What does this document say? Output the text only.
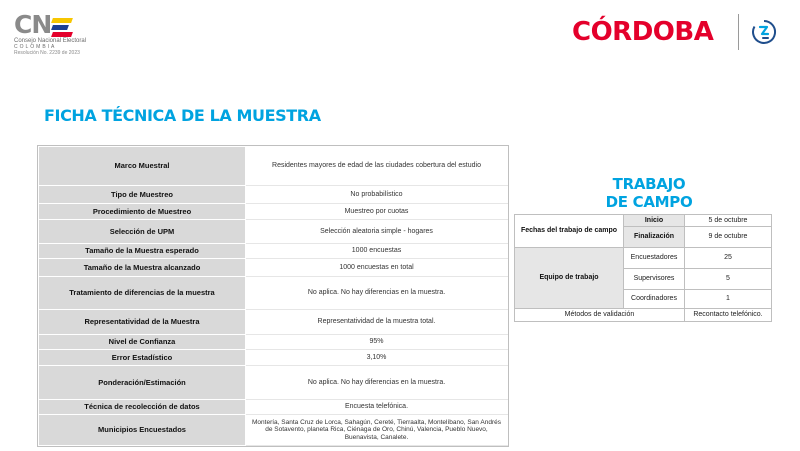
CN
Consejo Nacional Electoral
COLOMBIA
Resolución No. 2239 de 2023
CÓRDOBA
FICHA TÉCNICA DE LA MUESTRA
Marco Muestral	Residentes mayores de edad de las ciudades cobertura del estudio
Tipo de Muestreo	No probabilístico
Procedimiento de Muestreo	Muestreo por cuotas
Selección de UPM	Selección aleatoria simple - hogares
Tamaño de la Muestra esperado	1000 encuestas
Tamaño de la Muestra alcanzado	1000 encuestas en total
Tratamiento de diferencias de la muestra	No aplica. No hay diferencias en la muestra.
Representatividad de la Muestra	Representatividad de la muestra total.
Nivel de Confianza	95%
Error Estadístico	3,10%
Ponderación/Estimación	No aplica. No hay diferencias en la muestra.
Técnica de recolección de datos	Encuesta telefónica.
Municipios Encuestados	Montería, Santa Cruz de Lorca, Sahagún, Cereté, Tierraalta, Montelíbano, San Andrés de Sotavento, planeta Rica, Ciénaga de Oro, Chinú, Valencia, Pueblo Nuevo, Buenavista, Canalete.
TRABAJO
DE CAMPO
Fechas del trabajo de campo	Inicio	5 de octubre
	Finalización	9 de octubre
Equipo de trabajo	Encuestadores	25
	Supervisores	5
	Coordinadores	1
Métodos de validación		Recontacto telefónico.
